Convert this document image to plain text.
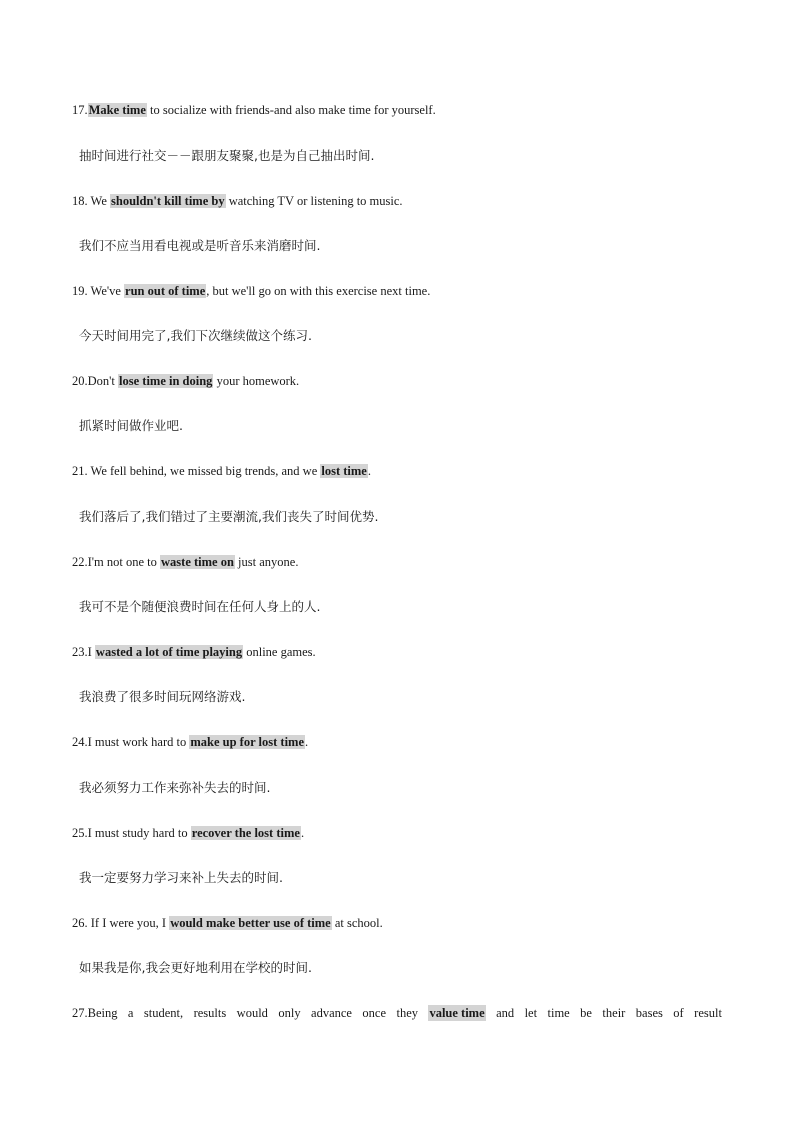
17.Make time to socialize with friends-and also make time for yourself.
抽时间进行社交－－跟朋友聚聚,也是为自己抽出时间.
18. We shouldn't kill time by watching TV or listening to music.
我们不应当用看电视或是听音乐来消磨时间.
19. We've run out of time, but we'll go on with this exercise next time.
今天时间用完了,我们下次继续做这个练习.
20.Don't lose time in doing your homework.
抓紧时间做作业吧.
21. We fell behind, we missed big trends, and we lost time.
我们落后了,我们错过了主要潮流,我们丧失了时间优势.
22.I'm not one to waste time on just anyone.
我可不是个随便浪费时间在任何人身上的人.
23.I wasted a lot of time playing online games.
我浪费了很多时间玩网络游戏.
24.I must work hard to make up for lost time.
我必须努力工作来弥补失去的时间.
25.I must study hard to recover the lost time.
我一定要努力学习来补上失去的时间.
26. If I were you, I would make better use of time at school.
如果我是你,我会更好地利用在学校的时间.
27.Being a student, results would only advance once they value time and let time be their bases of result
